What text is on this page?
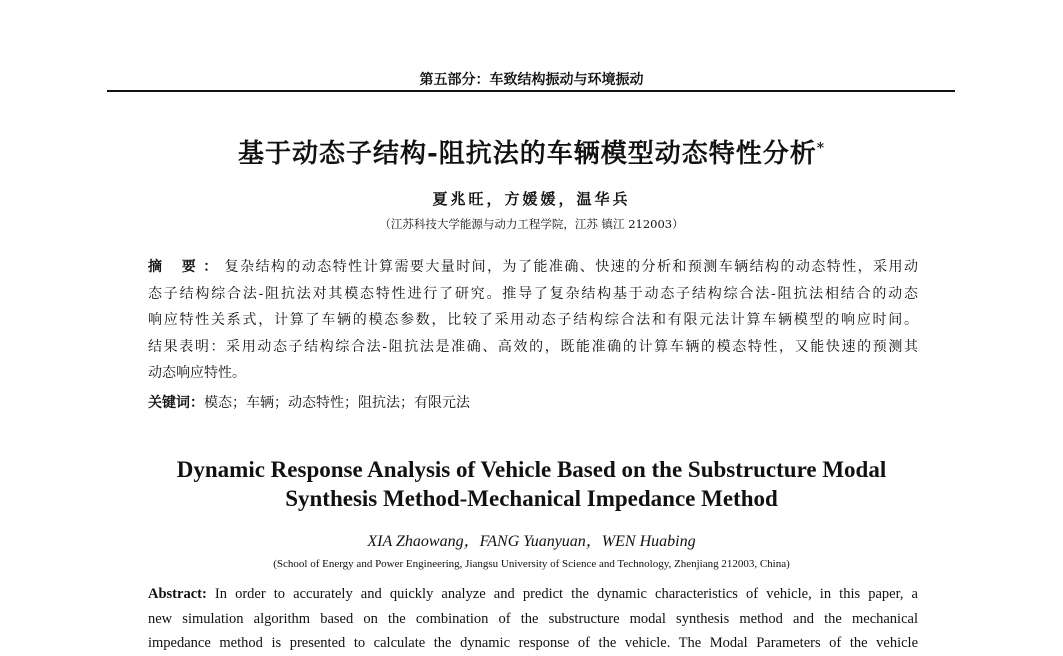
第五部分：车致结构振动与环境振动
基于动态子结构-阻抗法的车辆模型动态特性分析*
夏兆旺，方媛媛，温华兵
（江苏科技大学能源与动力工程学院，江苏 镇江 212003）
摘 要：复杂结构的动态特性计算需要大量时间，为了能准确、快速的分析和预测车辆结构的动态特性，采用动
态子结构综合法-阻抗法对其模态特性进行了研究。推导了复杂结构基于动态子结构综合法-阻抗法相结合的动态
响应特性关系式，计算了车辆的模态参数，比较了采用动态子结构综合法和有限元法计算车辆模型的响应时间。
结果表明：采用动态子结构综合法-阻抗法是准确、高效的，既能准确的计算车辆的模态特性，又能快速的预测其
动态响应特性。
关键词：模态；车辆；动态特性；阻抗法；有限元法
Dynamic Response Analysis of Vehicle Based on the Substructure Modal
Synthesis Method-Mechanical Impedance Method
XIA Zhaowang，FANG Yuanyuan，WEN Huabing
(School of Energy and Power Engineering, Jiangsu University of Science and Technology, Zhenjiang 212003, China)
Abstract: In order to accurately and quickly analyze and predict the dynamic characteristics of vehicle, in this paper, a
new simulation algorithm based on the combination of the substructure modal synthesis method and the mechanical
impedance method is presented to calculate the dynamic response of the vehicle. The Modal Parameters of the vehicle
